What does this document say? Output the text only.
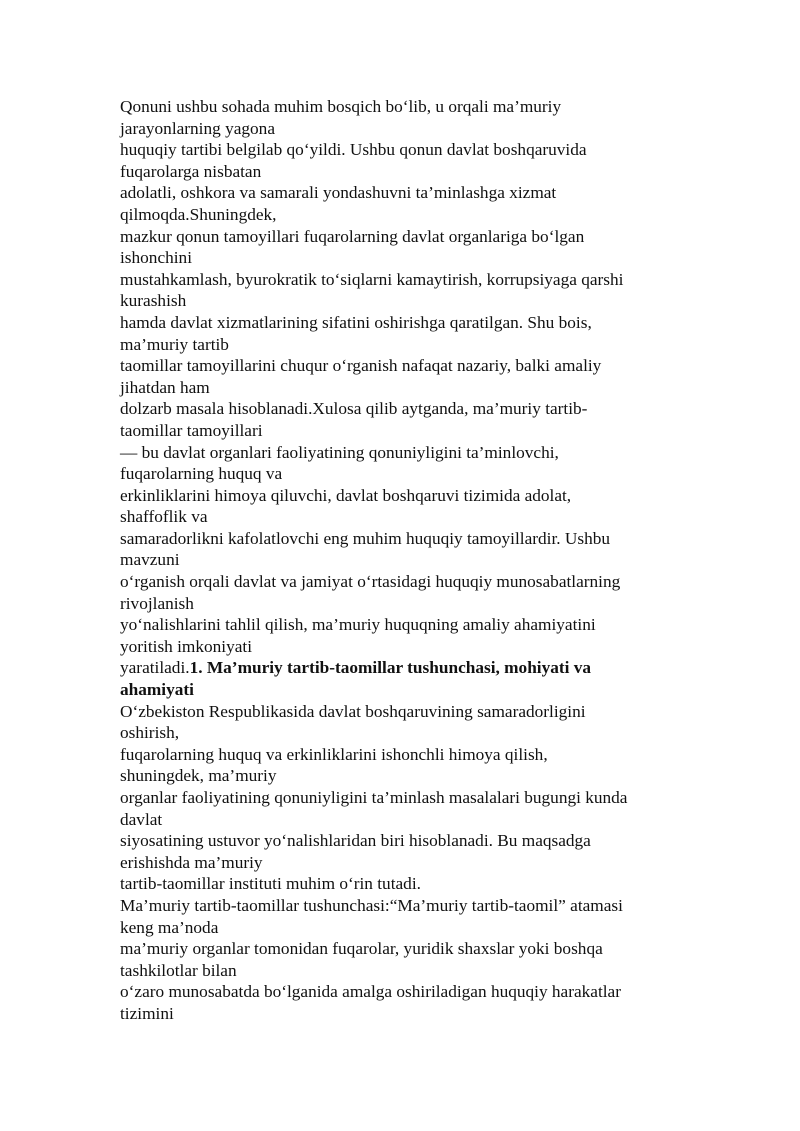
Qonuni ushbu sohada muhim bosqich bo‘lib, u orqali ma’muriy
jarayonlarning yagona
huquqiy tartibi belgilab qo‘yildi. Ushbu qonun davlat boshqaruvida
fuqarolarga nisbatan
adolatli, oshkora va samarali yondashuvni ta’minlashga xizmat
qilmoqda.Shuningdek,
mazkur qonun tamoyillari fuqarolarning davlat organlariga bo‘lgan
ishonchini
mustahkamlash, byurokratik to‘siqlarni kamaytirish, korrupsiyaga qarshi
kurashish
hamda davlat xizmatlarining sifatini oshirishga qaratilgan. Shu bois,
ma’muriy tartib
taomillar tamoyillarini chuqur o‘rganish nafaqat nazariy, balki amaliy
jihatdan ham
dolzarb masala hisoblanadi.Xulosa qilib aytganda, ma’muriy tartib-
taomillar tamoyillari
— bu davlat organlari faoliyatining qonuniyligini ta’minlovchi,
fuqarolarning huquq va
erkinliklarini himoya qiluvchi, davlat boshqaruvi tizimida adolat,
shaffoflik va
samaradorlikni kafolatlovchi eng muhim huquqiy tamoyillardir. Ushbu
mavzuni
o‘rganish orqali davlat va jamiyat o‘rtasidagi huquqiy munosabatlarning
rivojlanish
yo‘nalishlarini tahlil qilish, ma’muriy huquqning amaliy ahamiyatini
yoritish imkoniyati
yaratiladi.1. Ma’muriy tartib-taomillar tushunchasi, mohiyati va
ahamiyati
O‘zbekiston Respublikasida davlat boshqaruvining samaradorligini
oshirish,
fuqarolarning huquq va erkinliklarini ishonchli himoya qilish,
shuningdek, ma’muriy
organlar faoliyatining qonuniyligini ta’minlash masalalari bugungi kunda
davlat
siyosatining ustuvor yo‘nalishlaridan biri hisoblanadi. Bu maqsadga
erishishda ma’muriy
tartib-taomillar instituti muhim o‘rin tutadi.
Ma’muriy tartib-taomillar tushunchasi:“Ma’muriy tartib-taomil” atamasi
keng ma’noda
ma’muriy organlar tomonidan fuqarolar, yuridik shaxslar yoki boshqa
tashkilotlar bilan
o‘zaro munosabatda bo‘lganida amalga oshiriladigan huquqiy harakatlar
tizimini
